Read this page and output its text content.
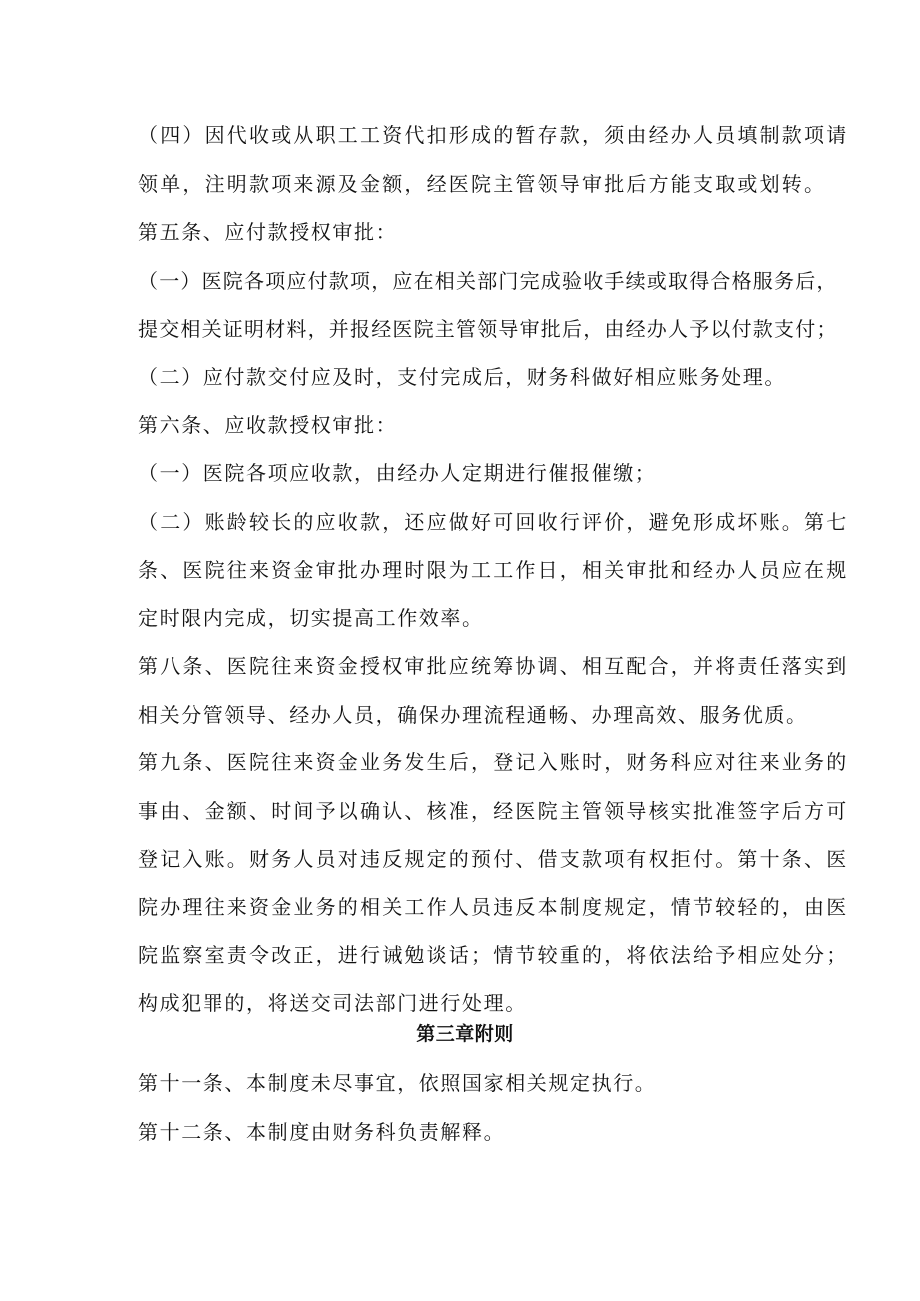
（四）因代收或从职工工资代扣形成的暂存款，须由经办人员填制款项请
领单，注明款项来源及金额，经医院主管领导审批后方能支取或划转。
第五条、应付款授权审批：
（一）医院各项应付款项，应在相关部门完成验收手续或取得合格服务后，
提交相关证明材料，并报经医院主管领导审批后，由经办人予以付款支付；
（二）应付款交付应及时，支付完成后，财务科做好相应账务处理。
第六条、应收款授权审批：
（一）医院各项应收款，由经办人定期进行催报催缴；
（二）账龄较长的应收款，还应做好可回收行评价，避免形成坏账。第七
条、医院往来资金审批办理时限为工工作日，相关审批和经办人员应在规
定时限内完成，切实提高工作效率。
第八条、医院往来资金授权审批应统筹协调、相互配合，并将责任落实到
相关分管领导、经办人员，确保办理流程通畅、办理高效、服务优质。
第九条、医院往来资金业务发生后，登记入账时，财务科应对往来业务的
事由、金额、时间予以确认、核准，经医院主管领导核实批准签字后方可
登记入账。财务人员对违反规定的预付、借支款项有权拒付。第十条、医
院办理往来资金业务的相关工作人员违反本制度规定，情节较轻的，由医
院监察室责令改正，进行诫勉谈话；情节较重的，将依法给予相应处分；
构成犯罪的，将送交司法部门进行处理。
第三章附则
第十一条、本制度未尽事宜，依照国家相关规定执行。
第十二条、本制度由财务科负责解释。
